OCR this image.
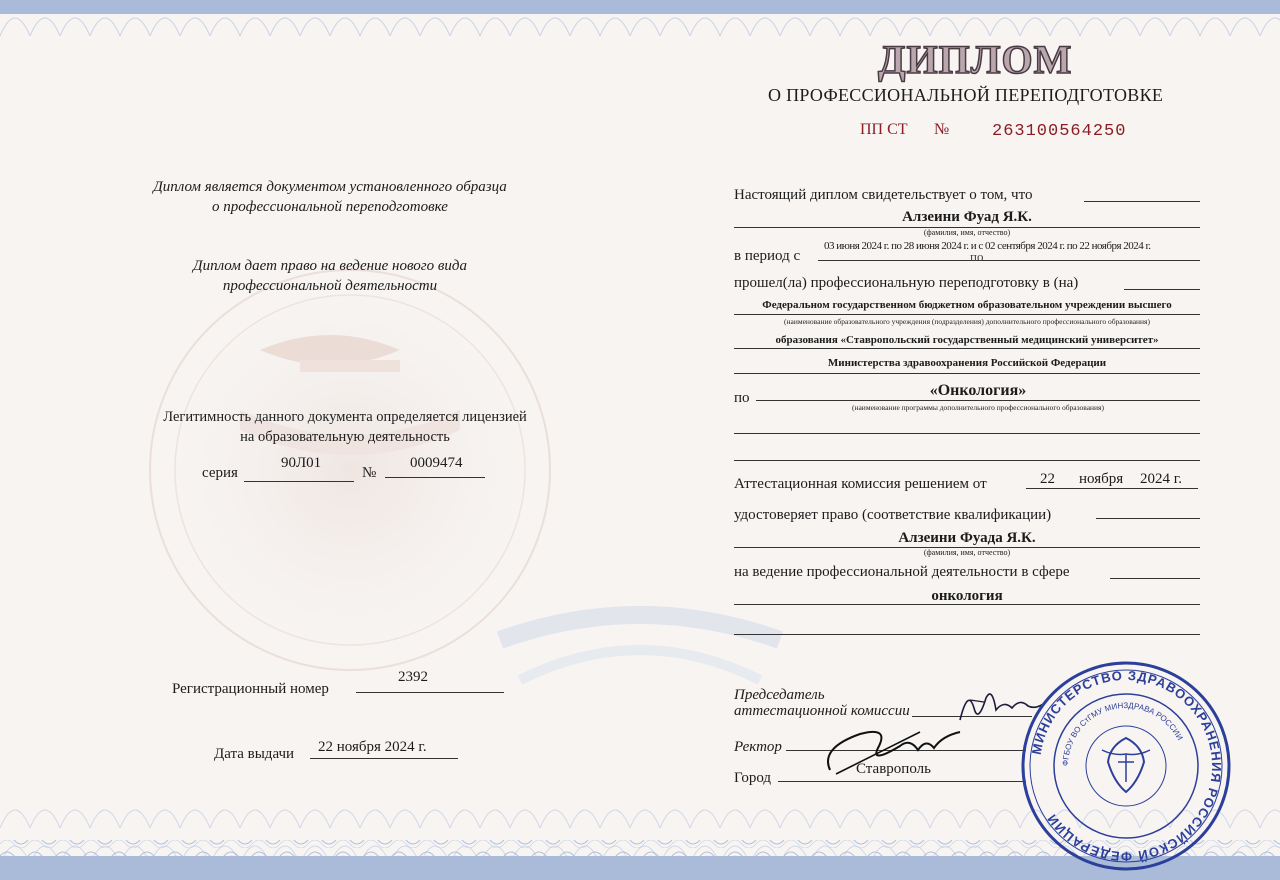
ДИПЛОМ
О ПРОФЕССИОНАЛЬНОЙ ПЕРЕПОДГОТОВКЕ
ПП СТ №	263100564250
Диплом является документом установленного образца
о профессиональной переподготовке
Диплом дает право на ведение нового вида
профессиональной деятельности
Легитимность данного документа определяется лицензией
на образовательную деятельность
серия
90Л01
№
0009474
Регистрационный номер
2392
Дата выдачи 22 ноября 2024 г.
Настоящий диплом свидетельствует о том, что
Алзеини Фуад Я.К.
(фамилия, имя, отчество)
в период с
03 июня 2024 г. по 28 июня 2024 г. и с 02 сентября 2024 г. по 22 ноября 2024 г.
по
прошел(ла) профессиональную переподготовку в (на)
Федеральном государственном бюджетном образовательном учреждении высшего
(наименование образовательного учреждения (подразделения) дополнительного профессионального образования)
образования «Ставропольский государственный медицинский университет»
Министерства здравоохранения Российской Федерации
по	«Онкология»
(наименование программы дополнительного профессионального образования)
Аттестационная комиссия решением от	22 ноября 2024 г.
удостоверяет право (соответствие квалификации)
Алзеини Фуада Я.К.
(фамилия, имя, отчество)
на ведение профессиональной деятельности в сфере
онкология
Председатель
аттестационной комиссии
Ректор
Город
Ставрополь
МИНИСТЕРСТВО ЗДРАВООХРАНЕНИЯ РОССИЙСКОЙ ФЕДЕРАЦИИ
ФГБОУ ВО СтГМУ МИНЗДРАВА РОССИИ
